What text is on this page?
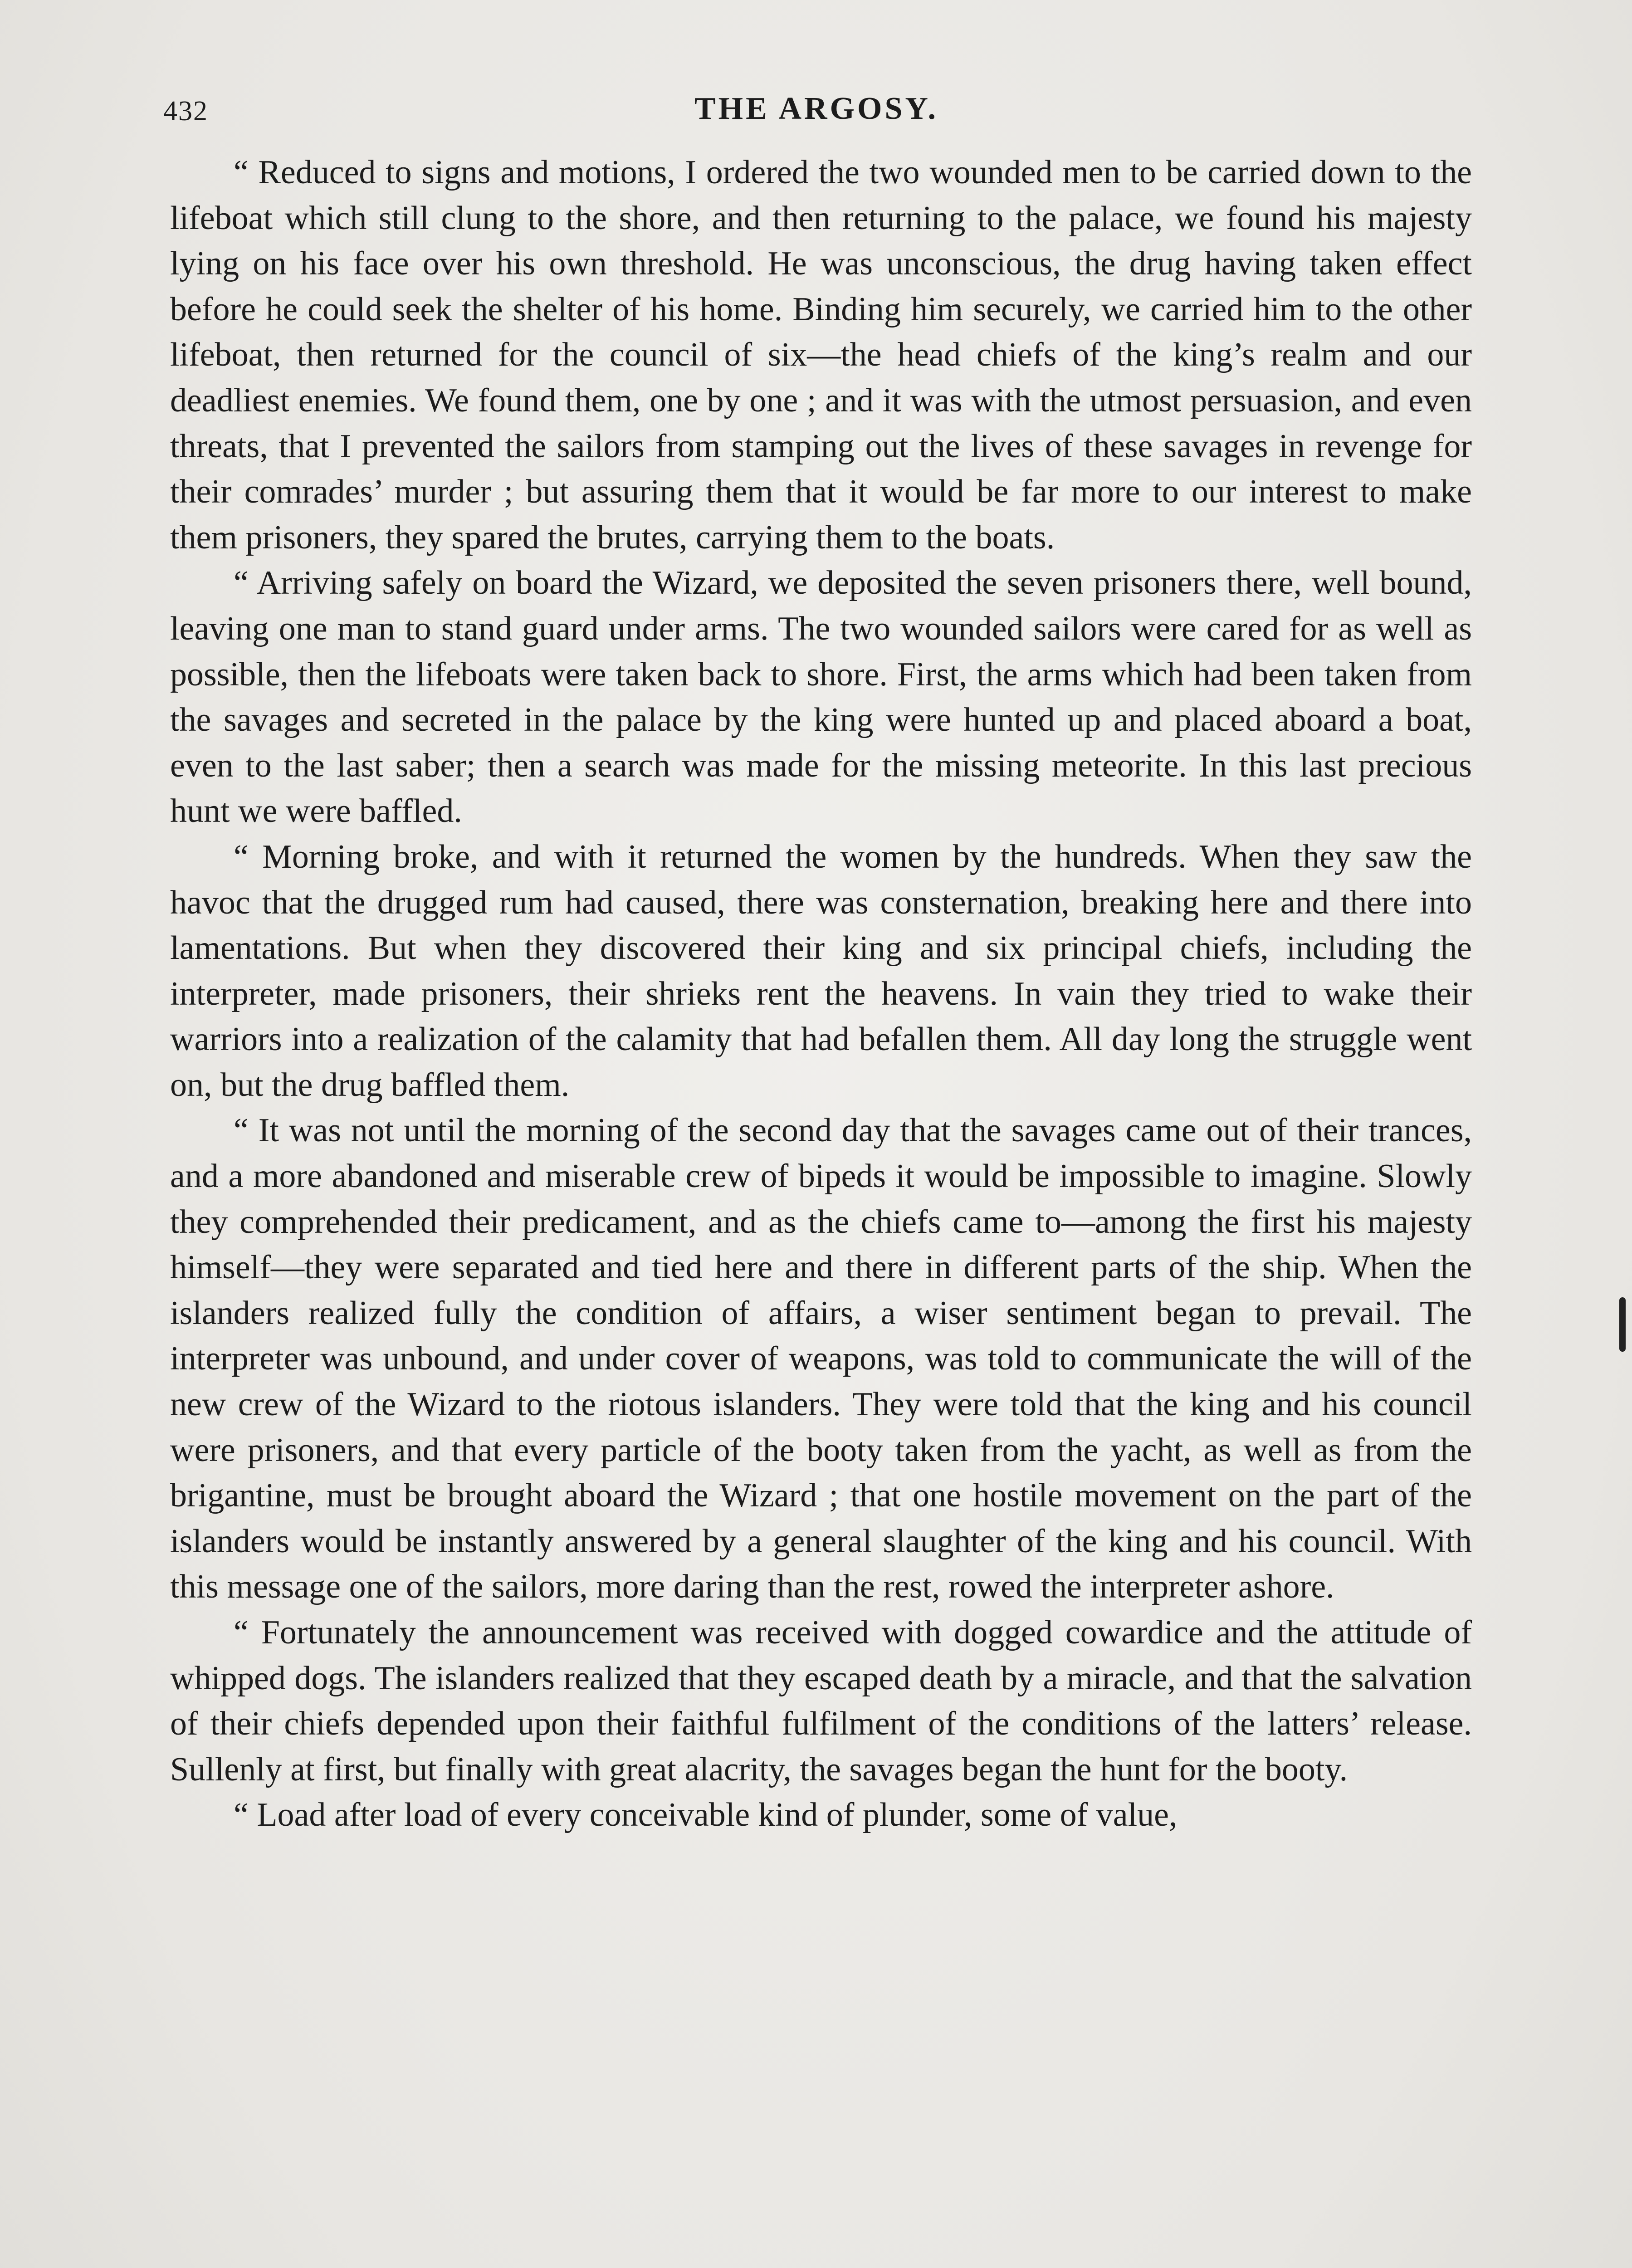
432	THE ARGOSY.

“ Reduced to signs and motions, I ordered the two wounded men to be carried down to the lifeboat which still clung to the shore, and then returning to the palace, we found his majesty lying on his face over his own threshold. He was unconscious, the drug having taken effect before he could seek the shelter of his home. Binding him securely, we carried him to the other lifeboat, then returned for the council of six—the head chiefs of the king’s realm and our deadliest enemies. We found them, one by one ; and it was with the utmost persuasion, and even threats, that I prevented the sailors from stamping out the lives of these savages in revenge for their comrades’ murder ; but assuring them that it would be far more to our interest to make them prisoners, they spared the brutes, carrying them to the boats.

“ Arriving safely on board the Wizard, we deposited the seven prisoners there, well bound, leaving one man to stand guard under arms. The two wounded sailors were cared for as well as possible, then the lifeboats were taken back to shore. First, the arms which had been taken from the savages and secreted in the palace by the king were hunted up and placed aboard a boat, even to the last saber; then a search was made for the missing meteorite. In this last precious hunt we were baffled.

“ Morning broke, and with it returned the women by the hundreds. When they saw the havoc that the drugged rum had caused, there was consternation, breaking here and there into lamentations. But when they discovered their king and six principal chiefs, including the interpreter, made prisoners, their shrieks rent the heavens. In vain they tried to wake their warriors into a realization of the calamity that had befallen them. All day long the struggle went on, but the drug baffled them.

“ It was not until the morning of the second day that the savages came out of their trances, and a more abandoned and miserable crew of bipeds it would be impossible to imagine. Slowly they comprehended their predicament, and as the chiefs came to—among the first his majesty himself—they were separated and tied here and there in different parts of the ship. When the islanders realized fully the condition of affairs, a wiser sentiment began to prevail. The interpreter was unbound, and under cover of weapons, was told to communicate the will of the new crew of the Wizard to the riotous islanders. They were told that the king and his council were prisoners, and that every particle of the booty taken from the yacht, as well as from the brigantine, must be brought aboard the Wizard ; that one hostile movement on the part of the islanders would be instantly answered by a general slaughter of the king and his council. With this message one of the sailors, more daring than the rest, rowed the interpreter ashore.

“ Fortunately the announcement was received with dogged cowardice and the attitude of whipped dogs. The islanders realized that they escaped death by a miracle, and that the salvation of their chiefs depended upon their faithful fulfilment of the conditions of the latters’ release. Sullenly at first, but finally with great alacrity, the savages began the hunt for the booty.

“ Load after load of every conceivable kind of plunder, some of value,
